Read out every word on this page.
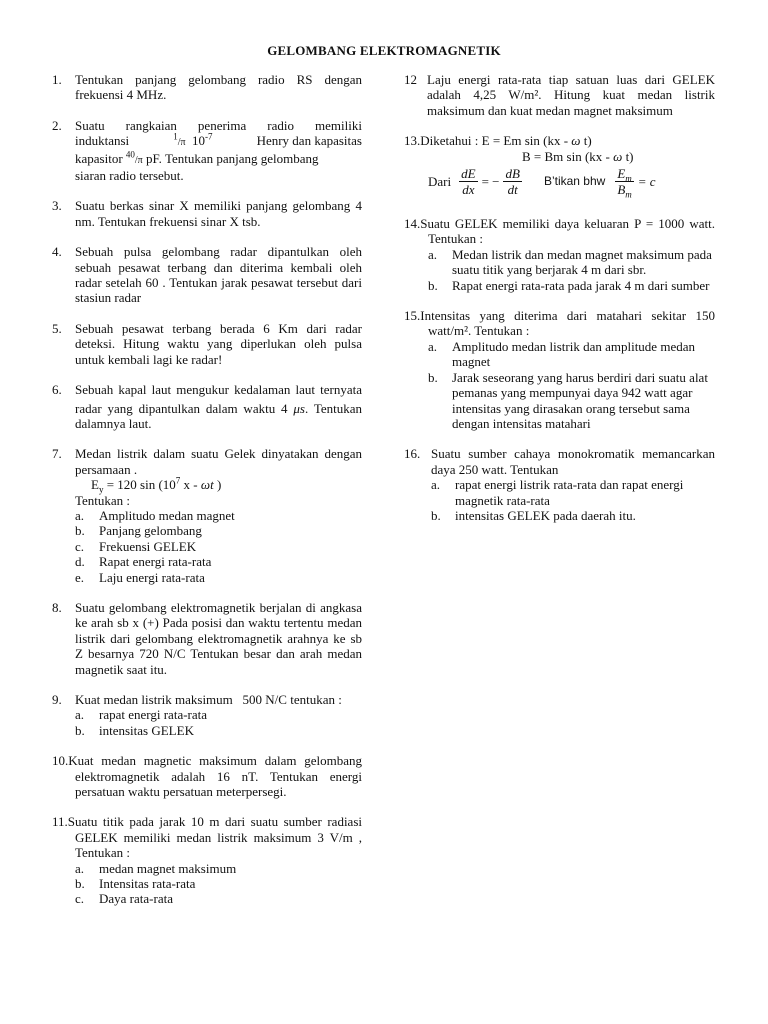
GELOMBANG ELEKTROMAGNETIK
1. Tentukan panjang gelombang radio RS dengan frekuensi 4 MHz.

2. Suatu rangkaian penerima radio memiliki

induktansi	$^1$/π $10^{-7}$	Henry dan kapasitas

kapasitor $^{40}$/π pF. Tentukan panjang gelombang

siaran radio tersebut.

3. Suatu berkas sinar X memiliki panjang gelombang 4 nm. Tentukan frekuensi sinar X tsb.

4. Sebuah pulsa gelombang radar dipantulkan oleh sebuah pesawat terbang dan diterima kembali oleh radar setelah 60 . Tentukan jarak pesawat tersebut dari stasiun radar

5. Sebuah pesawat terbang berada 6 Km dari radar deteksi. Hitung waktu yang diperlukan oleh pulsa untuk kembali lagi ke radar!

6. Sebuah kapal laut mengukur kedalaman laut ternyata radar yang dipantulkan dalam waktu 4 μs. Tentukan dalamnya laut.

7. Medan listrik dalam suatu Gelek dinyatakan dengan persamaan .

$E_y = 120$ $\sin (10^7$ x - ωt )

Tentukan :

a. Amplitudo medan magnet
b. Panjang gelombang
c. Frekuensi GELEK
d. Rapat energi rata-rata
e. Laju energi rata-rata
8. Suatu gelombang elektromagnetik berjalan di angkasa ke arah sb x (+) Pada posisi dan waktu tertentu medan listrik dari gelombang elektromagnetik arahnya ke sb Z besarnya 720 N/C Tentukan besar dan arah medan magnetik saat itu.

9. Kuat medan listrik maksimum   500 N/C tentukan :

a. rapat energi rata-rata
b. intensitas GELEK

10.Kuat medan magnetic maksimum dalam gelombang elektromagnetik adalah 16 nT. Tentukan energi persatuan waktu persatuan meterpersegi.

11.Suatu titik pada jarak 10 m dari suatu sumber radiasi GELEK memiliki medan listrik maksimum 3 V/m , Tentukan :

a. medan magnet maksimum
b. Intensitas rata-rata
c. Daya rata-rata
12 Laju energi rata-rata tiap satuan luas dari GELEK adalah 4,25 W/m². Hitung kuat medan listrik maksimum dan kuat medan magnet maksimum

13.Diketahui : E = Em sin (kx - ω t)

B = Bm sin (kx - ω t)

Dari $\frac{dE}{dx}$ = − $\frac{dB}{dt}$ B’tikan bhw $\frac{E_m}{B_m} = c$

14.Suatu GELEK memiliki daya keluaran P = 1000 watt. Tentukan :

a. Medan listrik dan medan magnet maksimum pada suatu titik yang berjarak 4 m dari sbr.
b. Rapat energi rata-rata pada jarak 4 m dari sumber

15.Intensitas yang diterima dari matahari sekitar 150 watt/m². Tentukan :

a. Amplitudo medan listrik dan amplitude medan magnet
b. Jarak seseorang yang harus berdiri dari suatu alat pemanas yang mempunyai daya 942 watt agar intensitas yang dirasakan orang tersebut sama dengan intensitas matahari
16. Suatu sumber cahaya monokromatik memancarkan daya 250 watt. Tentukan

a. rapat energi listrik rata-rata dan rapat energi magnetik rata-rata
b. intensitas GELEK pada daerah itu.
